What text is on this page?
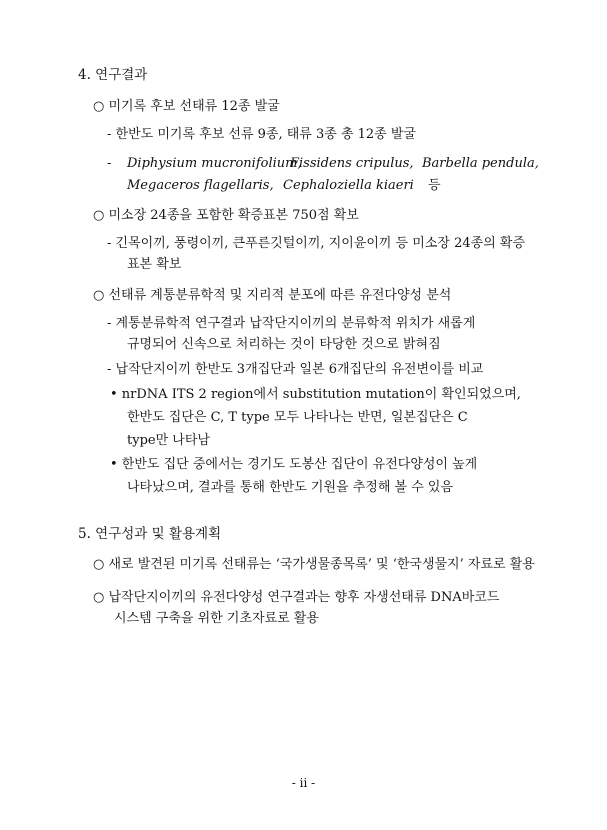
4. 연구결과
○ 미기록 후보 선태류 12종 발굴
- 한반도 미기록 후보 선류 9종, 태류 3종 총 12종 발굴
- Diphysium mucronifolium,
Fissidens cripulus, Barbella pendula,
Megaceros flagellaris, Cephaloziella kiaeri 등
○ 미소장 24종을 포함한 확증표본 750점 확보
- 긴목이끼, 풍령이끼, 큰푸른깃털이끼, 지이윤이끼 등 미소장 24종의 확증
표본 확보
○ 선태류 계통분류학적 및 지리적 분포에 따른 유전다양성 분석
- 계통분류학적 연구결과 납작단지이끼의 분류학적 위치가 새롭게
규명되어 신속으로 처리하는 것이 타당한 것으로 밝혀짐
- 납작단지이끼 한반도 3개집단과 일본 6개집단의 유전변이를 비교
• nrDNA ITS 2 region에서 substitution mutation이 확인되었으며,
한반도 집단은 C, T type 모두 나타나는 반면, 일본집단은 C
type만 나타남
• 한반도 집단 중에서는 경기도 도봉산 집단이 유전다양성이 높게
나타났으며, 결과를 통해 한반도 기원을 추정해 볼 수 있음
5. 연구성과 및 활용계획
○ 새로 발견된 미기록 선태류는 ‘국가생물종목록’ 및 ‘한국생물지’ 자료로 활용
○ 납작단지이끼의 유전다양성 연구결과는 향후 자생선태류 DNA바코드
시스템 구축을 위한 기초자료로 활용
- ii -
